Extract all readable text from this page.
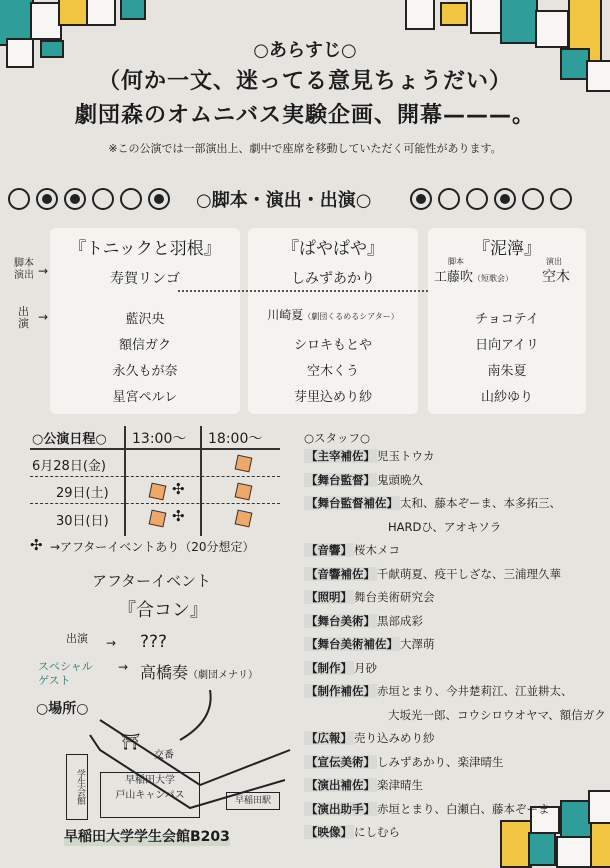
○あらすじ○
（何か一文、迷ってる意見ちょうだい）
劇団森のオムニバス実験企画、開幕———。
※この公演では一部演出上、劇中で座席を移動していただく可能性があります。
○脚本・演出・出演○
脚本
演出 →
出
演 →
『トニックと羽根』
寿賀リンゴ
藍沢央
額信ガク
永久もが奈
星宮ペルレ
『ぱやぱや』
しみずあかり
川崎夏（劇団くるめるシアター）
シロキもとや
空木くう
芽里込めり紗
『泥濘』
脚本
工藤吹（短歌会）
演出
空木
チョコテイ
日向アイリ
南朱夏
山紗ゆり
○公演日程○ 13:00〜 18:00〜
6月28日(金)
29日(土)
30日(日)
✣
✣
✣ →アフターイベントあり（20分想定）
アフターイベント
『合コン』
出演 → ???
スペシャルゲスト
→ 高橋奏（劇団メナリ）
○場所○
⛩
交番
学生会館	早稲田大学
戸山キャンパス	早稲田駅
早稲田大学学生会館B203
○スタッフ○
【主宰補佐】 児玉トウカ
【舞台監督】 鬼頭晩久
【舞台監督補佐】 太和、藤本ぞーま、本多拓三、
HARDひ、アオキソラ
【音響】 桜木メコ
【音響補佐】 千献萌夏、疫干しざな、三浦理久華
【照明】 舞台美術研究会
【舞台美術】 黒部成彩
【舞台美術補佐】 大澤萌
【制作】 月砂
【制作補佐】 赤垣とまり、今井楚莉江、江並耕太、
大坂光一郎、コウシロウオヤマ、額信ガク
【広報】 売り込みめり紗
【宣伝美術】 しみずあかり、楽津晴生
【演出補佐】 楽津晴生
【演出助手】 赤垣とまり、白瀬白、藤本ぞーま
【映像】 にしむら
